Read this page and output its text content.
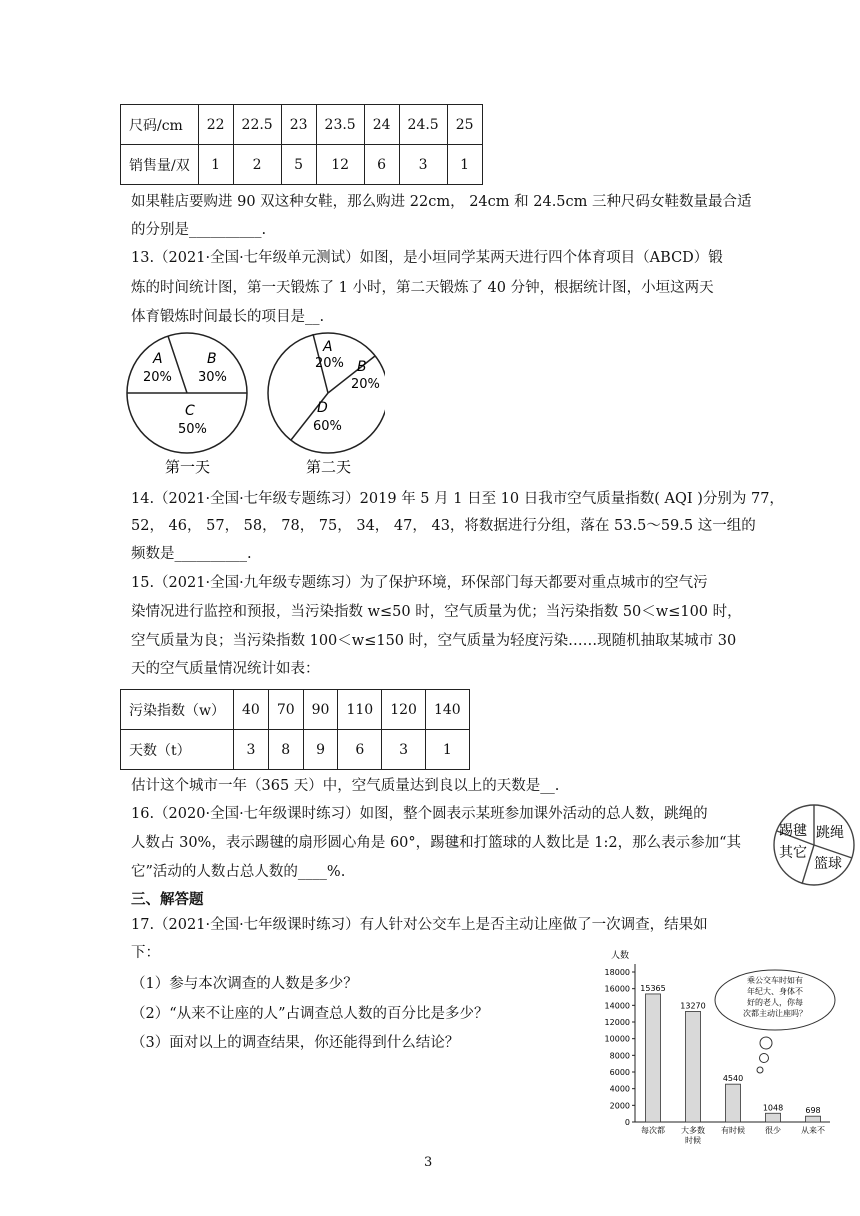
尺码/cm	22	22.5	23	23.5	24	24.5	25
销售量/双	1	2	5	12	6	3	1
如果鞋店要购进 90 双这种女鞋，那么购进 22cm， 24cm 和 24.5cm 三种尺码女鞋数量最合适
的分别是__________.
13.（2021·全国·七年级单元测试）如图，是小垣同学某两天进行四个体育项目（ABCD）锻
炼的时间统计图，第一天锻炼了 1 小时，第二天锻炼了 40 分钟，根据统计图，小垣这两天
体育锻炼时间最长的项目是__.
A
20%
B
30%
C
50%
第一天
A
20% B
20%
D
60%
第二天
14.（2021·全国·七年级专题练习）2019 年 5 月 1 日至 10 日我市空气质量指数( AQI )分别为 77，
52， 46， 57， 58， 78， 75， 34， 47， 43，将数据进行分组，落在 53.5～59.5 这一组的
频数是__________.
15.（2021·全国·九年级专题练习）为了保护环境，环保部门每天都要对重点城市的空气污
染情况进行监控和预报，当污染指数 w≤50 时，空气质量为优；当污染指数 50＜w≤100 时，
空气质量为良；当污染指数 100＜w≤150 时，空气质量为轻度污染……现随机抽取某城市 30
天的空气质量情况统计如表：
污染指数（w）	40	70	90	110	120	140
天数（t）	3	8	9	6	3	1
估计这个城市一年（365 天）中，空气质量达到良以上的天数是__.
16.（2020·全国·七年级课时练习）如图，整个圆表示某班参加课外活动的总人数，跳绳的
人数占 30%，表示踢毽的扇形圆心角是 60°，踢毽和打篮球的人数比是 1:2，那么表示参加“其
它”活动的人数占总人数的____%.
踢毽 跳绳
其它
篮球
三、解答题
17.（2021·全国·七年级课时练习）有人针对公交车上是否主动让座做了一次调查，结果如
下：
（1）参与本次调查的人数是多少？
（2）“从来不让座的人”占调查总人数的百分比是多少？
（3）面对以上的调查结果，你还能得到什么结论？
人数
0
2000
4000
6000
8000
10000
12000
14000
16000
18000
15365
每次都
13270
大多数
时候
4540
有时候
1048
很少
698
从来不
乘公交车时如有
年纪大、身体不
好的老人，你每
次都主动让座吗？
3
